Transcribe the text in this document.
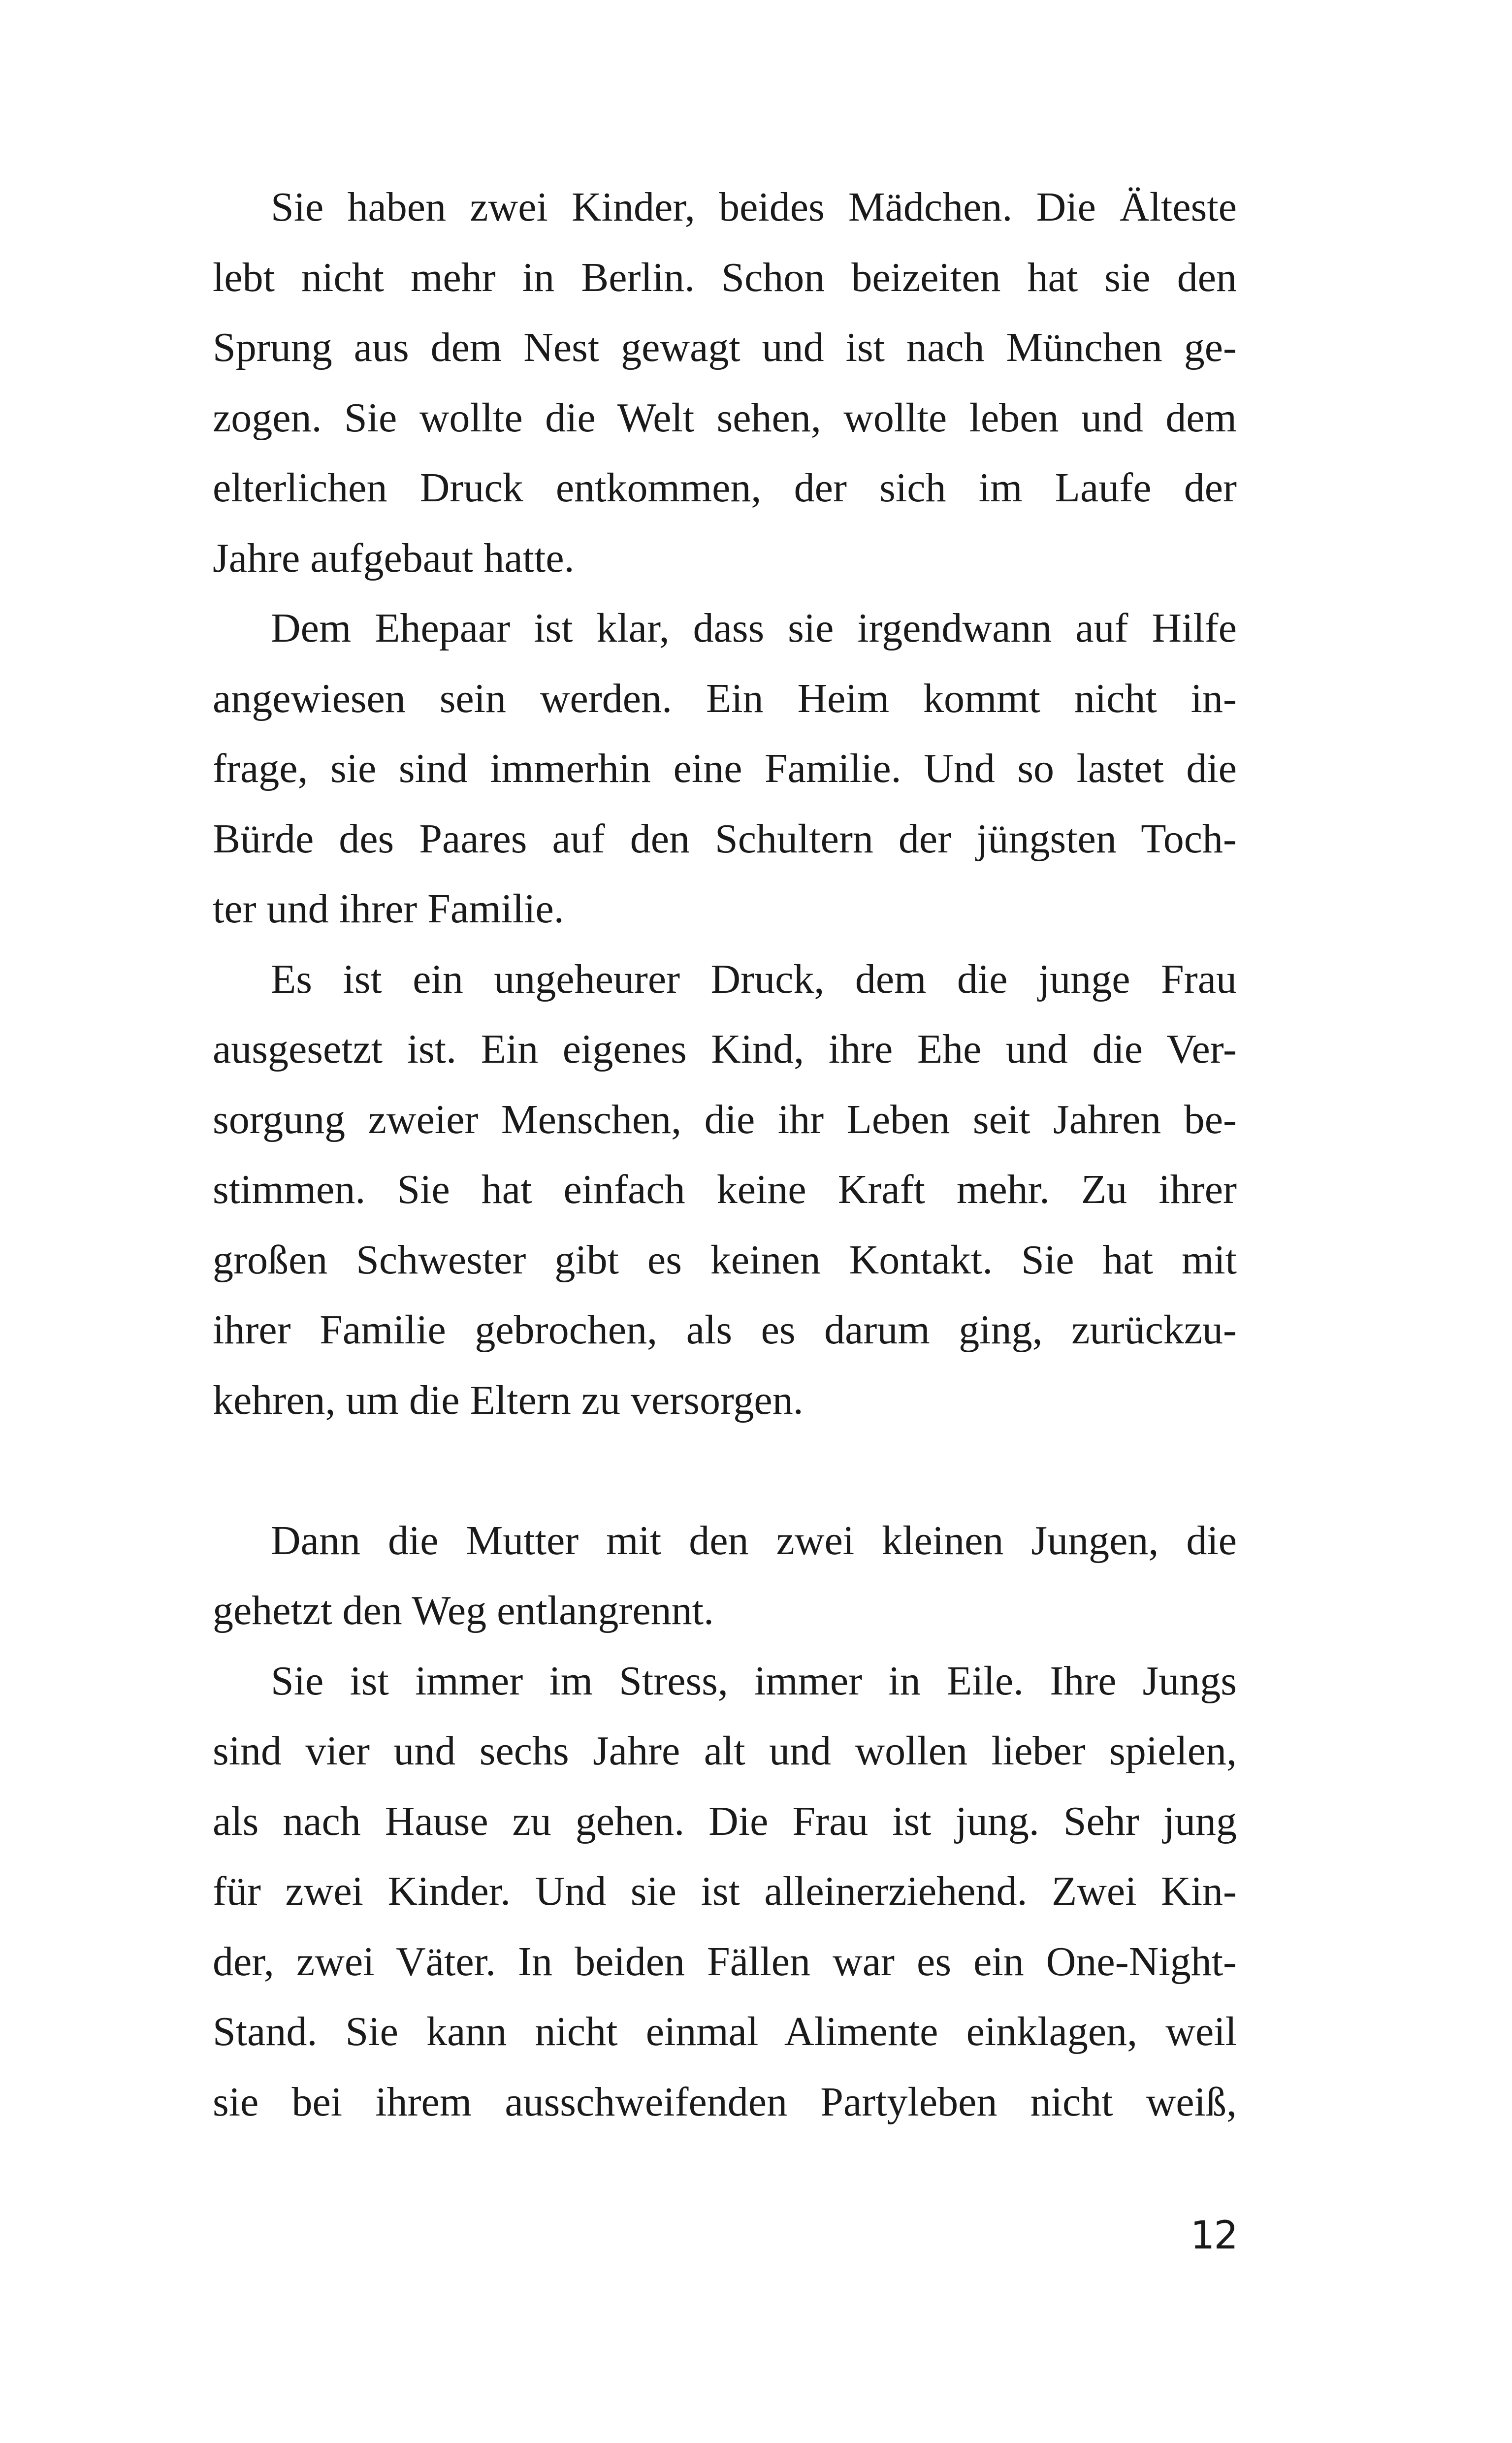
Sie haben zwei Kinder, beides Mädchen. Die Älteste
lebt nicht mehr in Berlin. Schon beizeiten hat sie den
Sprung aus dem Nest gewagt und ist nach München ge-
zogen. Sie wollte die Welt sehen, wollte leben und dem
elterlichen Druck entkommen, der sich im Laufe der
Jahre aufgebaut hatte.
Dem Ehepaar ist klar, dass sie irgendwann auf Hilfe
angewiesen sein werden. Ein Heim kommt nicht in-
frage, sie sind immerhin eine Familie. Und so lastet die
Bürde des Paares auf den Schultern der jüngsten Toch-
ter und ihrer Familie.
Es ist ein ungeheurer Druck, dem die junge Frau
ausgesetzt ist. Ein eigenes Kind, ihre Ehe und die Ver-
sorgung zweier Menschen, die ihr Leben seit Jahren be-
stimmen. Sie hat einfach keine Kraft mehr. Zu ihrer
großen Schwester gibt es keinen Kontakt. Sie hat mit
ihrer Familie gebrochen, als es darum ging, zurückzu-
kehren, um die Eltern zu versorgen.
Dann die Mutter mit den zwei kleinen Jungen, die
gehetzt den Weg entlangrennt.
Sie ist immer im Stress, immer in Eile. Ihre Jungs
sind vier und sechs Jahre alt und wollen lieber spielen,
als nach Hause zu gehen. Die Frau ist jung. Sehr jung
für zwei Kinder. Und sie ist alleinerziehend. Zwei Kin-
der, zwei Väter. In beiden Fällen war es ein One-Night-
Stand. Sie kann nicht einmal Alimente einklagen, weil
sie bei ihrem ausschweifenden Partyleben nicht weiß,
12
